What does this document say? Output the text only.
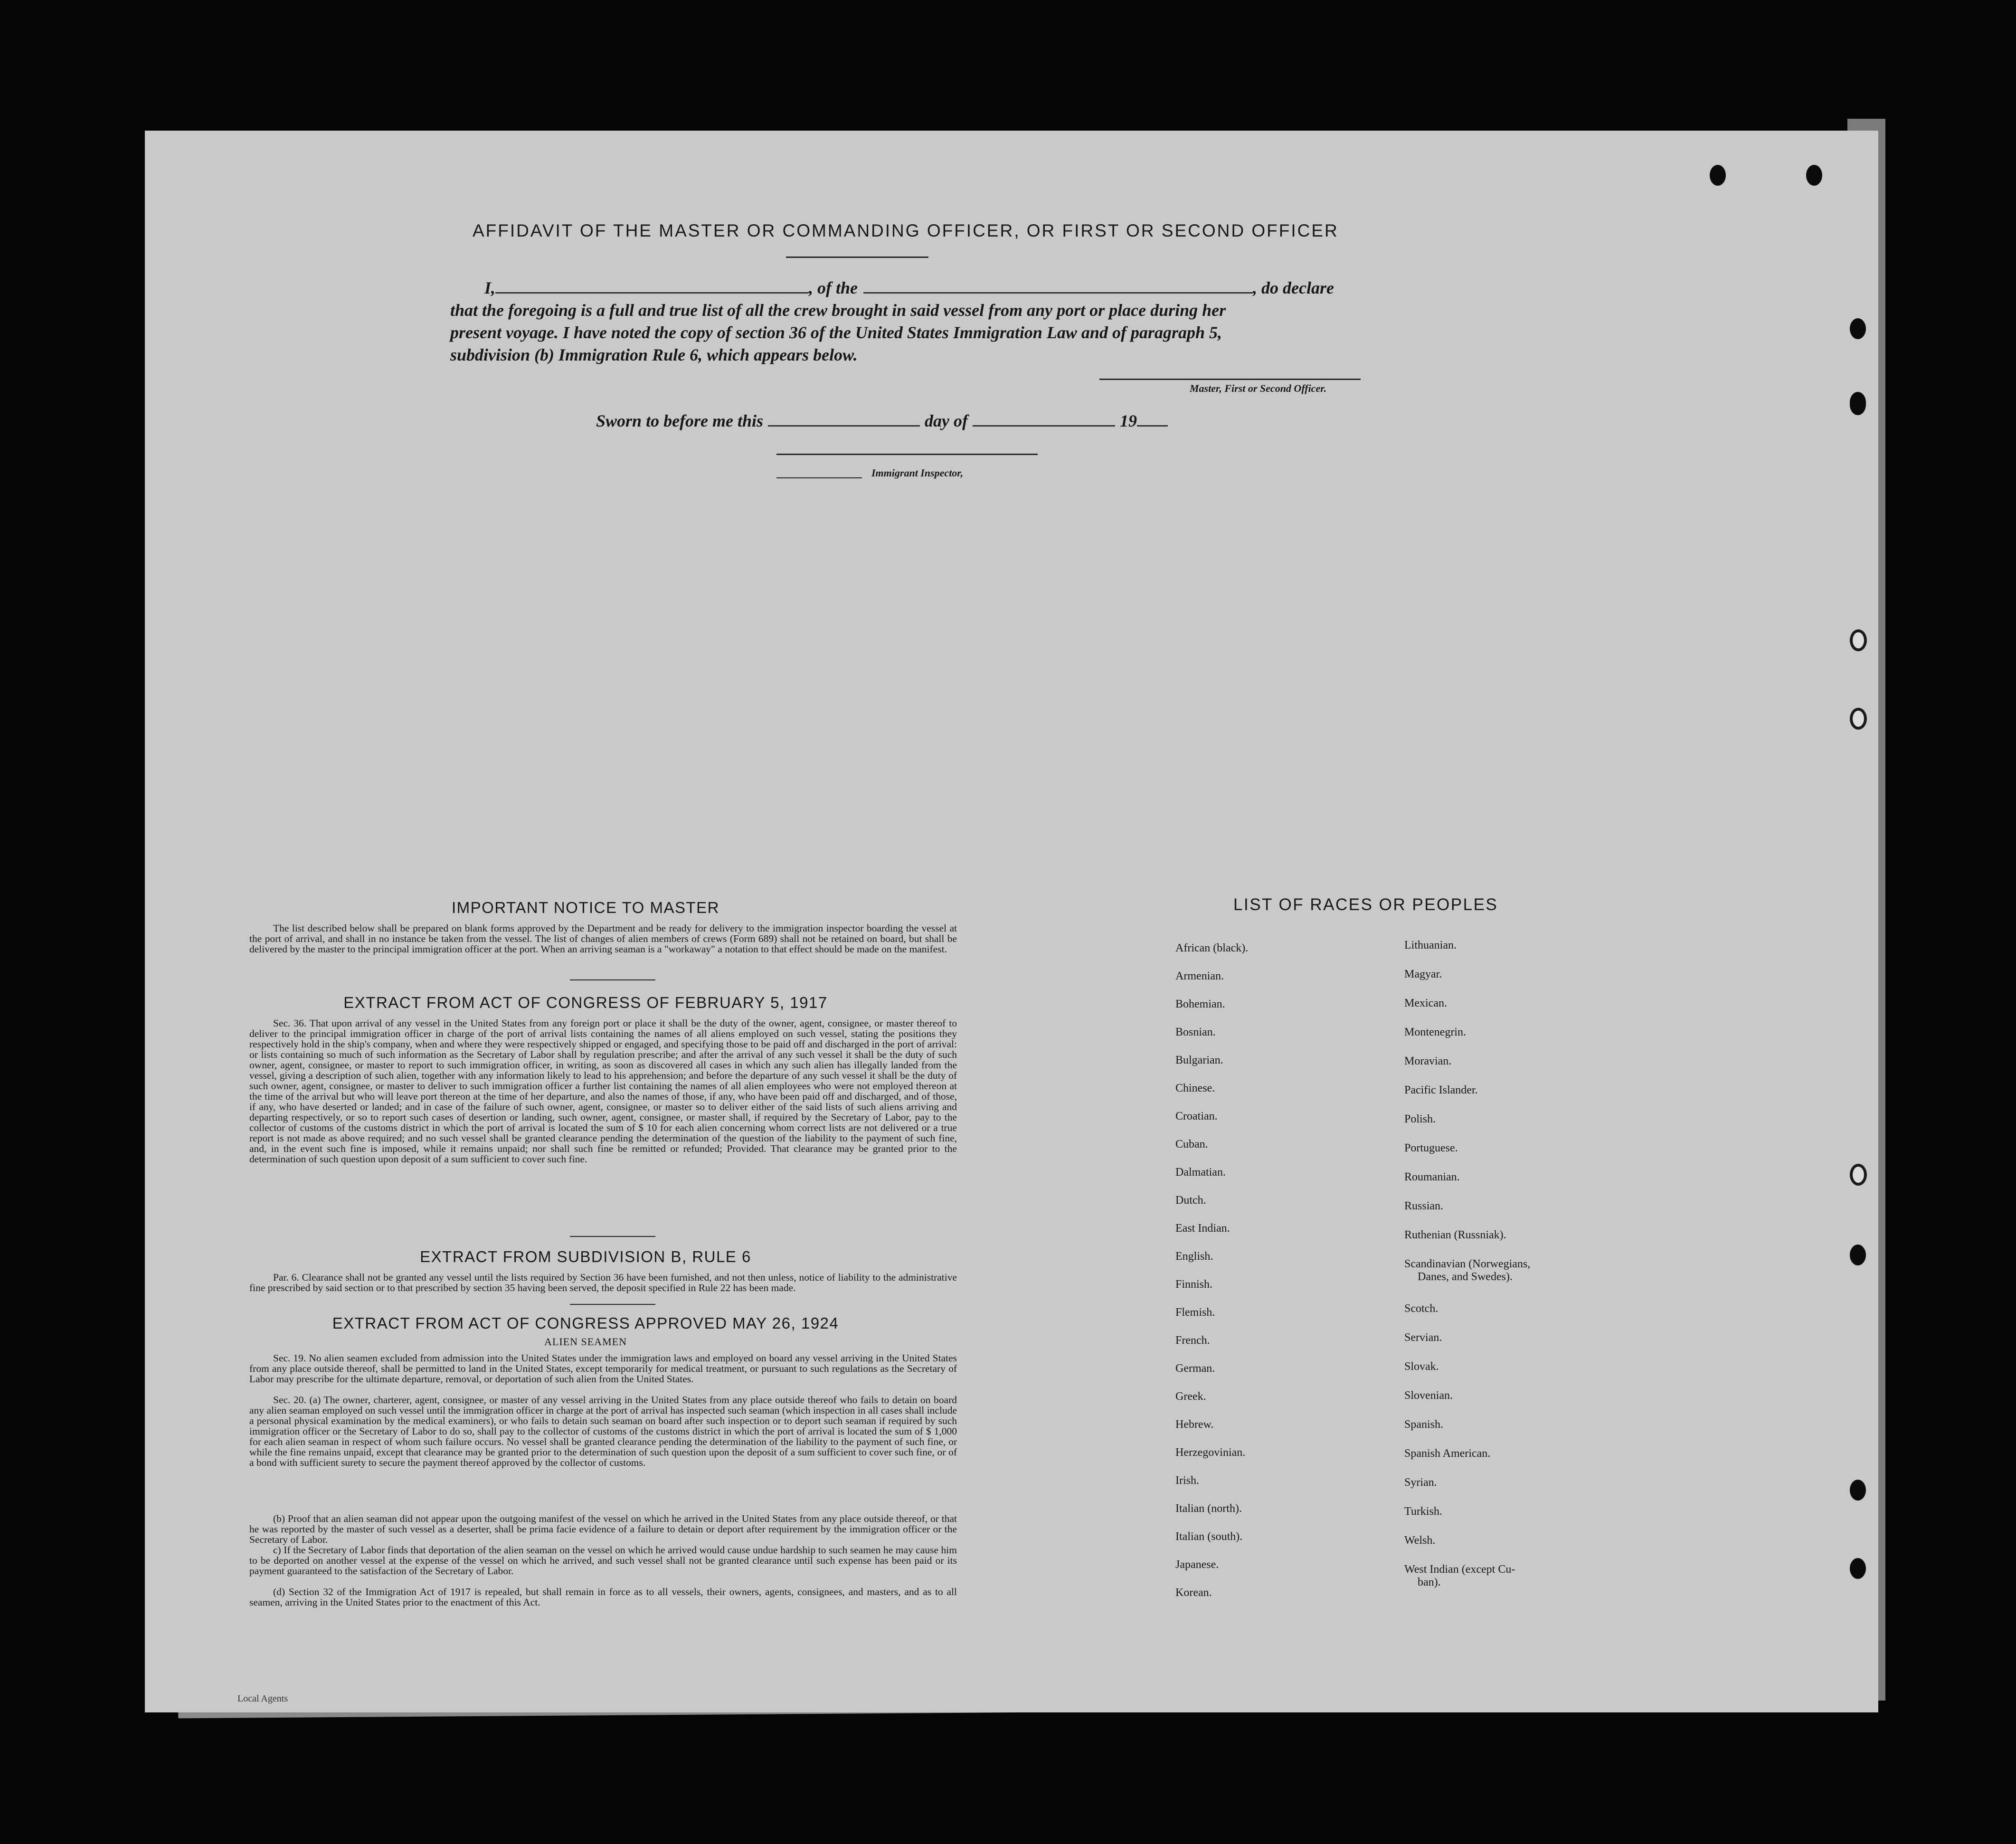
AFFIDAVIT OF THE MASTER OR COMMANDING OFFICER, OR FIRST OR SECOND OFFICER
I,	, of the	, do declare
that the foregoing is a full and true list of all the crew brought in said vessel from any port or place during her
present voyage. I have noted the copy of section 36 of the United States Immigration Law and of paragraph 5,
subdivision (b) Immigration Rule 6, which appears below.
Master, First or Second Officer.
Sworn to before me this	day of	19
Immigrant Inspector,
IMPORTANT NOTICE TO MASTER
The list described below shall be prepared on blank forms approved by the Department and be ready for delivery to the immigration inspector boarding the vessel at the port of arrival, and shall in no instance be taken from the vessel. The list of changes of alien members of crews (Form 689) shall not be retained on board, but shall be delivered by the master to the principal immigration officer at the port. When an arriving seaman is a "workaway" a notation to that effect should be made on the manifest.
EXTRACT FROM ACT OF CONGRESS OF FEBRUARY 5, 1917
Sec. 36. That upon arrival of any vessel in the United States from any foreign port or place it shall be the duty of the owner, agent, consignee, or master thereof to deliver to the principal immigration officer in charge of the port of arrival lists containing the names of all aliens employed on such vessel, stating the positions they respectively hold in the ship's company, when and where they were respectively shipped or engaged, and specifying those to be paid off and discharged in the port of arrival: or lists containing so much of such information as the Secretary of Labor shall by regulation prescribe; and after the arrival of any such vessel it shall be the duty of such owner, agent, consignee, or master to report to such immigration officer, in writing, as soon as discovered all cases in which any such alien has illegally landed from the vessel, giving a description of such alien, together with any information likely to lead to his apprehension; and before the departure of any such vessel it shall be the duty of such owner, agent, consignee, or master to deliver to such immigration officer a further list containing the names of all alien employees who were not employed thereon at the time of the arrival but who will leave port thereon at the time of her departure, and also the names of those, if any, who have been paid off and discharged, and of those, if any, who have deserted or landed; and in case of the failure of such owner, agent, consignee, or master so to deliver either of the said lists of such aliens arriving and departing respectively, or so to report such cases of desertion or landing, such owner, agent, consignee, or master shall, if required by the Secretary of Labor, pay to the collector of customs of the customs district in which the port of arrival is located the sum of $ 10 for each alien concerning whom correct lists are not delivered or a true report is not made as above required; and no such vessel shall be granted clearance pending the determination of the question of the liability to the payment of such fine, and, in the event such fine is imposed, while it remains unpaid; nor shall such fine be remitted or refunded; Provided. That clearance may be granted prior to the determination of such question upon deposit of a sum sufficient to cover such fine.
EXTRACT FROM SUBDIVISION B, RULE 6
Par. 6. Clearance shall not be granted any vessel until the lists required by Section 36 have been furnished, and not then unless, notice of liability to the administrative fine prescribed by said section or to that prescribed by section 35 having been served, the deposit specified in Rule 22 has been made.
EXTRACT FROM ACT OF CONGRESS APPROVED MAY 26, 1924
ALIEN SEAMEN
Sec. 19. No alien seamen excluded from admission into the United States under the immigration laws and employed on board any vessel arriving in the United States from any place outside thereof, shall be permitted to land in the United States, except temporarily for medical treatment, or pursuant to such regulations as the Secretary of Labor may prescribe for the ultimate departure, removal, or deportation of such alien from the United States.
Sec. 20. (a) The owner, charterer, agent, consignee, or master of any vessel arriving in the United States from any place outside thereof who fails to detain on board any alien seaman employed on such vessel until the immigration officer in charge at the port of arrival has inspected such seaman (which inspection in all cases shall include a personal physical examination by the medical examiners), or who fails to detain such seaman on board after such inspection or to deport such seaman if required by such immigration officer or the Secretary of Labor to do so, shall pay to the collector of customs of the customs district in which the port of arrival is located the sum of $ 1,000 for each alien seaman in respect of whom such failure occurs. No vessel shall be granted clearance pending the determination of the liability to the payment of such fine, or while the fine remains unpaid, except that clearance may be granted prior to the determination of such question upon the deposit of a sum sufficient to cover such fine, or of a bond with sufficient surety to secure the payment thereof approved by the collector of customs.
(b) Proof that an alien seaman did not appear upon the outgoing manifest of the vessel on which he arrived in the United States from any place outside thereof, or that he was reported by the master of such vessel as a deserter, shall be prima facie evidence of a failure to detain or deport after requirement by the immigration officer or the Secretary of Labor.
c) If the Secretary of Labor finds that deportation of the alien seaman on the vessel on which he arrived would cause undue hardship to such seamen he may cause him to be deported on another vessel at the expense of the vessel on which he arrived, and such vessel shall not be granted clearance until such expense has been paid or its payment guaranteed to the satisfaction of the Secretary of Labor.
(d) Section 32 of the Immigration Act of 1917 is repealed, but shall remain in force as to all vessels, their owners, agents, consignees, and masters, and as to all seamen, arriving in the United States prior to the enactment of this Act.
LIST OF RACES OR PEOPLES
African (black).
Armenian.
Bohemian.
Bosnian.
Bulgarian.
Chinese.
Croatian.
Cuban.
Dalmatian.
Dutch.
East Indian.
English.
Finnish.
Flemish.
French.
German.
Greek.
Hebrew.
Herzegovinian.
Irish.
Italian (north).
Italian (south).
Japanese.
Korean.
Lithuanian.
Magyar.
Mexican.
Montenegrin.
Moravian.
Pacific Islander.
Polish.
Portuguese.
Roumanian.
Russian.
Ruthenian (Russniak).
Scandinavian (Norwegians,
Danes, and Swedes).
Scotch.
Servian.
Slovak.
Slovenian.
Spanish.
Spanish American.
Syrian.
Turkish.
Welsh.
West Indian (except Cu-
ban).
Local Agents
